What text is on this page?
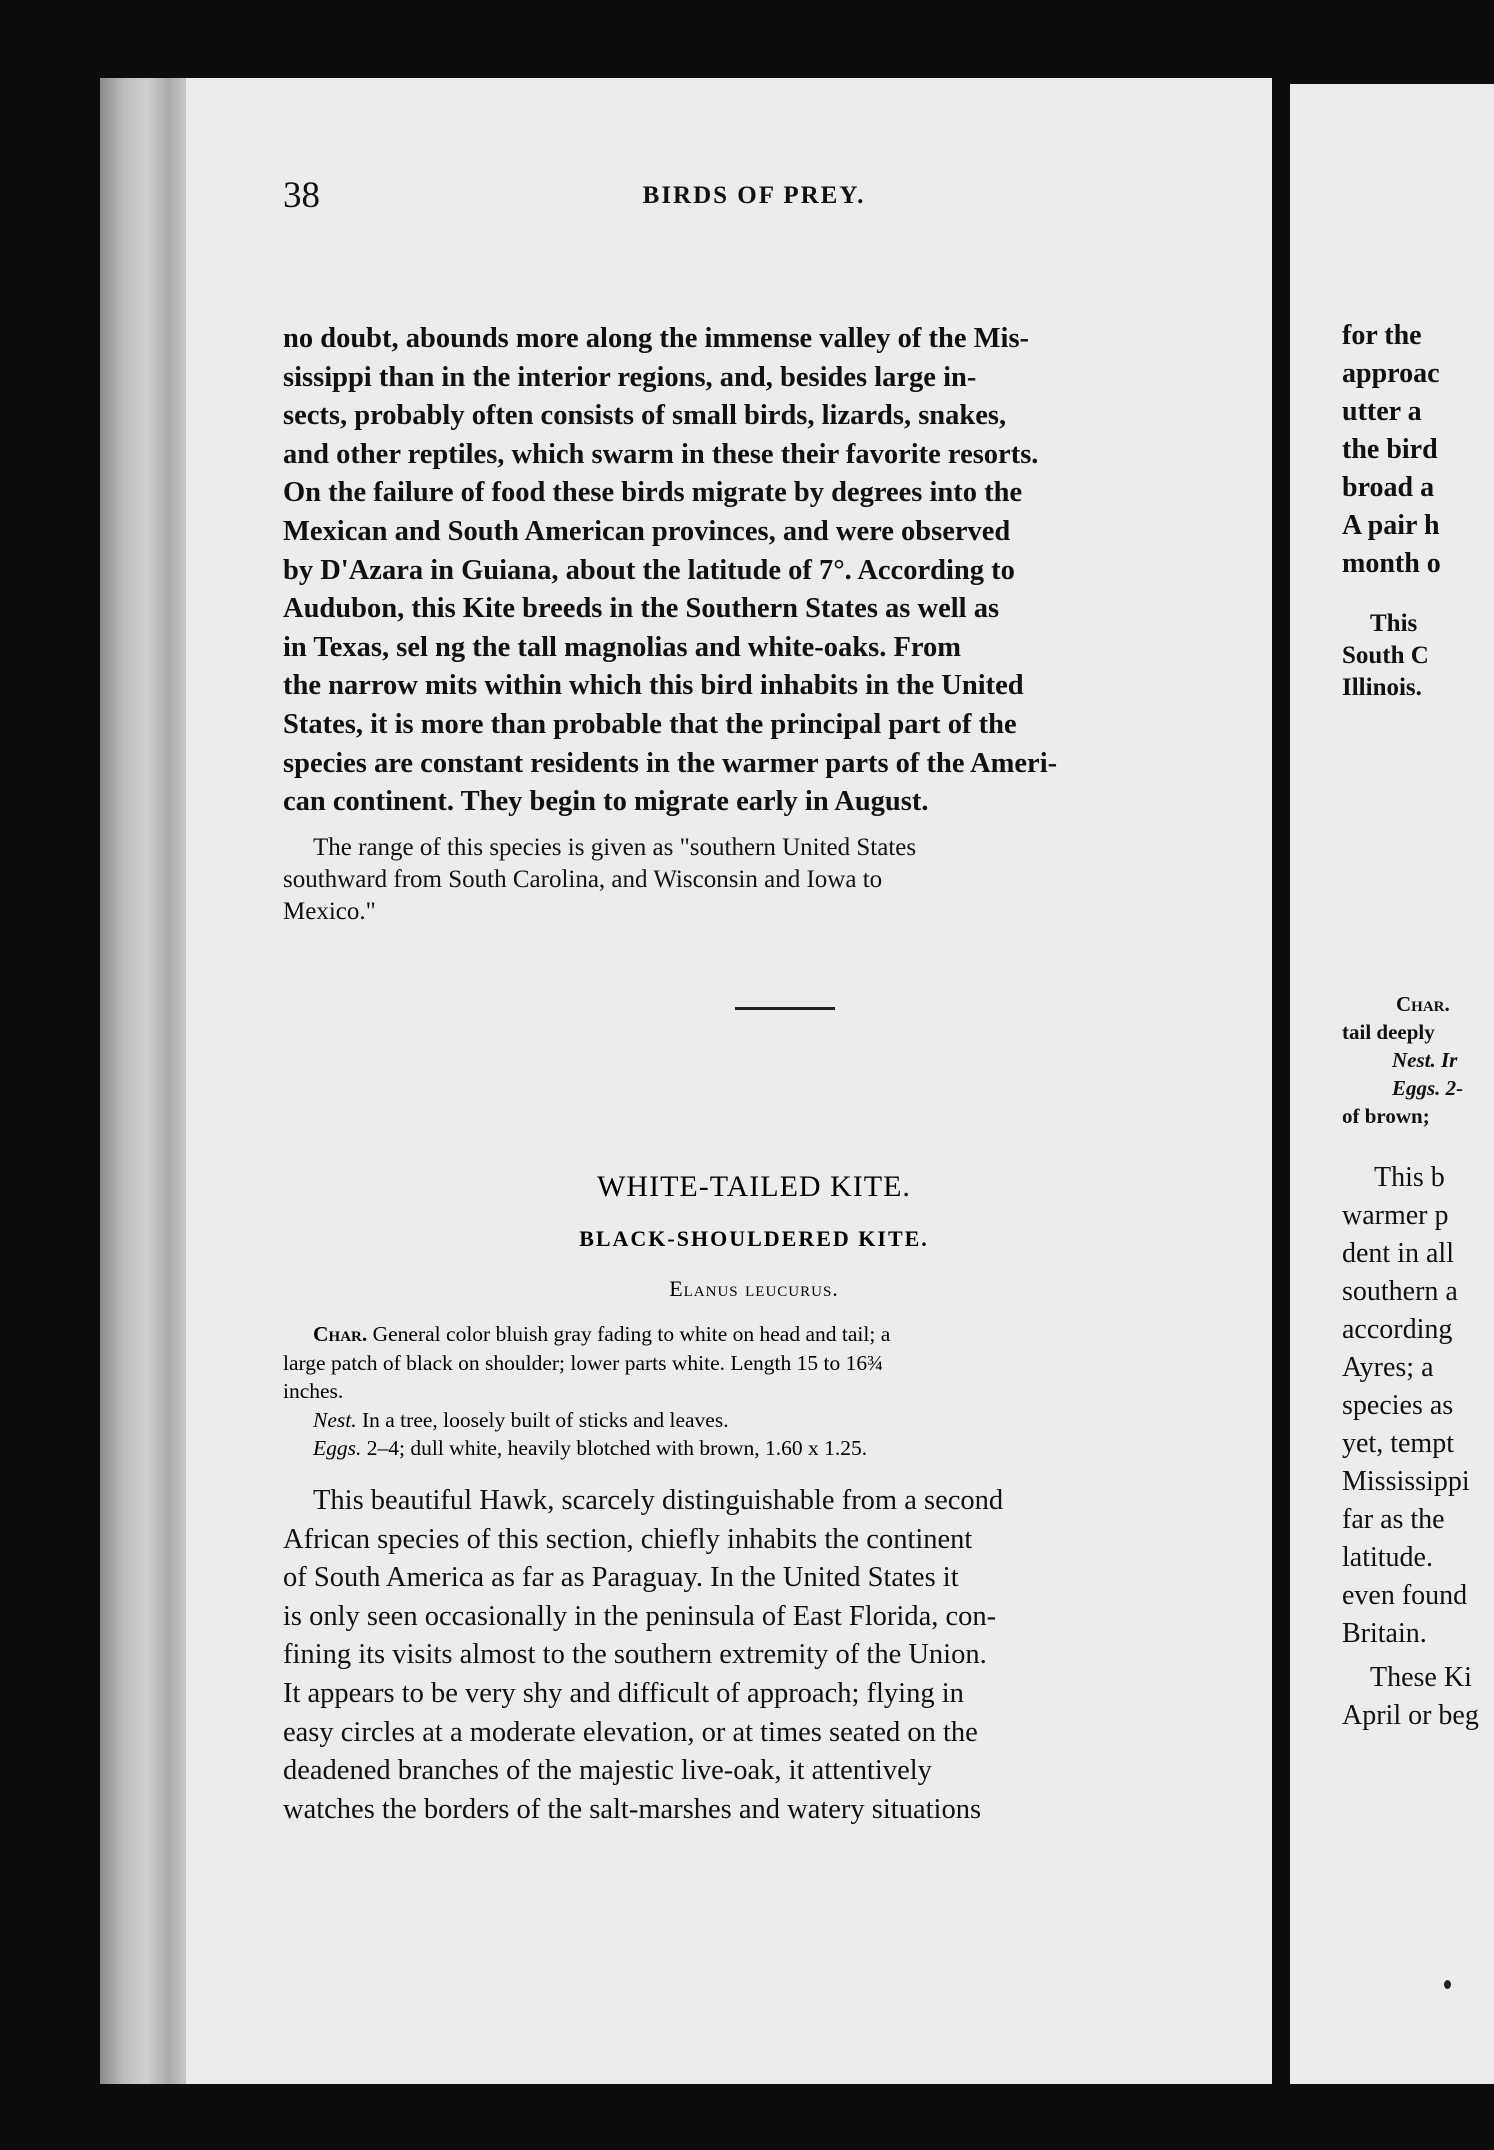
38	BIRDS OF PREY.

no doubt, abounds more along the immense valley of the Mis-

sissippi than in the interior regions, and, besides large in-

sects, probably often consists of small birds, lizards, snakes,

and other reptiles, which swarm in these their favorite resorts.

On the failure of food these birds migrate by degrees into the

Mexican and South American provinces, and were observed

by D'Azara in Guiana, about the latitude of 7°. According to

Audubon, this Kite breeds in the Southern States as well as

in Texas, sel ng the tall magnolias and white-oaks. From

the narrow mits within which this bird inhabits in the United

States, it is more than probable that the principal part of the

species are constant residents in the warmer parts of the Ameri-

can continent. They begin to migrate early in August.

The range of this species is given as "southern United States

southward from South Carolina, and Wisconsin and Iowa to

Mexico."

WHITE-TAILED KITE.
BLACK-SHOULDERED KITE.
Elanus leucurus.

Char. General color bluish gray fading to white on head and tail; a

large patch of black on shoulder; lower parts white. Length 15 to 16¾

inches.

Nest. In a tree, loosely built of sticks and leaves.

Eggs. 2–4; dull white, heavily blotched with brown, 1.60 x 1.25.

This beautiful Hawk, scarcely distinguishable from a second

African species of this section, chiefly inhabits the continent

of South America as far as Paraguay. In the United States it

is only seen occasionally in the peninsula of East Florida, con-

fining its visits almost to the southern extremity of the Union.

It appears to be very shy and difficult of approach; flying in

easy circles at a moderate elevation, or at times seated on the

deadened branches of the majestic live-oak, it attentively

watches the borders of the salt-marshes and watery situations

for the
approac
utter a
the bird
broad a
A pair h
month o
This
South C
Illinois.
Char.
tail deeply
Nest. Ir
Eggs. 2-
of brown;
This b
warmer p
dent in all
southern a
according
Ayres; a
species as
yet, tempt
Mississippi
far as the
latitude.
even found
Britain.
These Ki
April or beg
